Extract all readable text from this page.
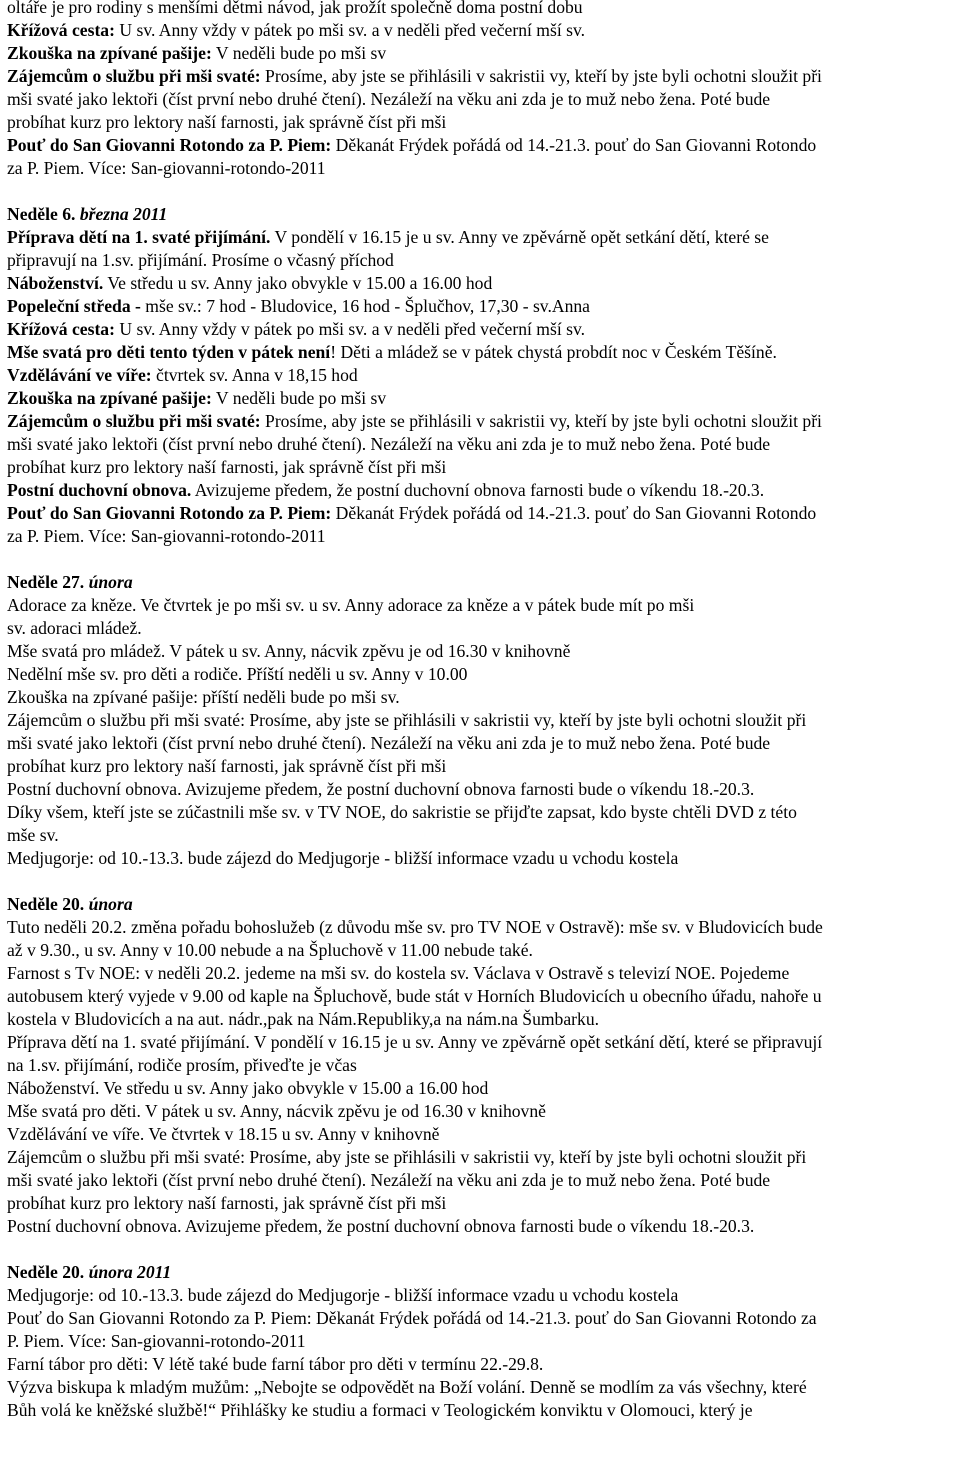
oltáře je pro rodiny s menšími dětmi návod, jak prožít společně doma postní dobu
Křížová cesta: U sv. Anny vždy v pátek po mši sv. a v neděli před večerní mší sv.
Zkouška na zpívané pašije: V neděli bude po mši sv
Zájemcům o službu při mši svaté: Prosíme, aby jste se přihlásili v sakristii vy, kteří by jste byli ochotni sloužit při
mši svaté jako lektoři (číst první nebo druhé čtení). Nezáleží na věku ani zda je to muž nebo žena. Poté bude
probíhat kurz pro lektory naší farnosti, jak správně číst při mši
Pouť do San Giovanni Rotondo za P. Piem: Děkanát Frýdek pořádá od 14.-21.3. pouť do San Giovanni Rotondo
za P. Piem. Více: San-giovanni-rotondo-2011
Neděle 6. března 2011
Příprava dětí na 1. svaté přijímání. V pondělí v 16.15 je u sv. Anny ve zpěvárně opět setkání dětí, které se
připravují na 1.sv. přijímání. Prosíme o včasný příchod
Náboženství. Ve středu u sv. Anny jako obvykle v 15.00 a 16.00 hod
Popeleční středa - mše sv.: 7 hod - Bludovice, 16 hod - Šplučhov, 17,30 - sv.Anna
Křížová cesta: U sv. Anny vždy v pátek po mši sv. a v neděli před večerní mší sv.
Mše svatá pro děti tento týden v pátek není! Děti a mládež se v pátek chystá probdít noc v Českém Těšíně.
Vzdělávání ve víře: čtvrtek sv. Anna v 18,15 hod
Zkouška na zpívané pašije: V neděli bude po mši sv
Zájemcům o službu při mši svaté: Prosíme, aby jste se přihlásili v sakristii vy, kteří by jste byli ochotni sloužit při
mši svaté jako lektoři (číst první nebo druhé čtení). Nezáleží na věku ani zda je to muž nebo žena. Poté bude
probíhat kurz pro lektory naší farnosti, jak správně číst při mši
Postní duchovní obnova. Avizujeme předem, že postní duchovní obnova farnosti bude o víkendu 18.-20.3.
Pouť do San Giovanni Rotondo za P. Piem: Děkanát Frýdek pořádá od 14.-21.3. pouť do San Giovanni Rotondo
za P. Piem. Více: San-giovanni-rotondo-2011
Neděle 27. února
Adorace za kněze. Ve čtvrtek je po mši sv. u sv. Anny adorace za kněze a v pátek bude mít po mši
sv. adoraci mládež.
Mše svatá pro mládež. V pátek u sv. Anny, nácvik zpěvu je od 16.30 v knihovně
Nedělní mše sv. pro děti a rodiče. Příští neděli u sv. Anny v 10.00
Zkouška na zpívané pašije: příští neděli bude po mši sv.
Zájemcům o službu při mši svaté: Prosíme, aby jste se přihlásili v sakristii vy, kteří by jste byli ochotni sloužit při
mši svaté jako lektoři (číst první nebo druhé čtení). Nezáleží na věku ani zda je to muž nebo žena. Poté bude
probíhat kurz pro lektory naší farnosti, jak správně číst při mši
Postní duchovní obnova. Avizujeme předem, že postní duchovní obnova farnosti bude o víkendu 18.-20.3.
Díky všem, kteří jste se zúčastnili mše sv. v TV NOE, do sakristie se přijďte zapsat, kdo byste chtěli DVD z této
mše sv.
Medjugorje: od 10.-13.3. bude zájezd do Medjugorje - bližší informace vzadu u vchodu kostela
Neděle 20. února
Tuto neděli 20.2. změna pořadu bohoslužeb (z důvodu mše sv. pro TV NOE v Ostravě): mše sv. v Bludovicích bude
až v 9.30., u sv. Anny v 10.00 nebude a na Špluchově v 11.00 nebude také.
Farnost s Tv NOE: v neděli 20.2. jedeme na mši sv. do kostela sv. Václava v Ostravě s televizí NOE. Pojedeme
autobusem který vyjede v 9.00 od kaple na Špluchově, bude stát v Horních Bludovicích u obecního úřadu, nahoře u
kostela v Bludovicích a na aut. nádr.,pak na Nám.Republiky,a na nám.na Šumbarku.
Příprava dětí na 1. svaté přijímání. V pondělí v 16.15 je u sv. Anny ve zpěvárně opět setkání dětí, které se připravují
na 1.sv. přijímání, rodiče prosím, přiveďte je včas
Náboženství. Ve středu u sv. Anny jako obvykle v 15.00 a 16.00 hod
Mše svatá pro děti. V pátek u sv. Anny, nácvik zpěvu je od 16.30 v knihovně
Vzdělávání ve víře. Ve čtvrtek v 18.15 u sv. Anny v knihovně
Zájemcům o službu při mši svaté: Prosíme, aby jste se přihlásili v sakristii vy, kteří by jste byli ochotni sloužit při
mši svaté jako lektoři (číst první nebo druhé čtení). Nezáleží na věku ani zda je to muž nebo žena. Poté bude
probíhat kurz pro lektory naší farnosti, jak správně číst při mši
Postní duchovní obnova. Avizujeme předem, že postní duchovní obnova farnosti bude o víkendu 18.-20.3.
Neděle 20. února 2011
Medjugorje: od 10.-13.3. bude zájezd do Medjugorje - bližší informace vzadu u vchodu kostela
Pouť do San Giovanni Rotondo za P. Piem: Děkanát Frýdek pořádá od 14.-21.3. pouť do San Giovanni Rotondo za
P. Piem. Více: San-giovanni-rotondo-2011
Farní tábor pro děti: V létě také bude farní tábor pro děti v termínu 22.-29.8.
Výzva biskupa k mladým mužům: „Nebojte se odpovědět na Boží volání. Denně se modlím za vás všechny, které
Bůh volá ke kněžské službě!“ Přihlášky ke studiu a formaci v Teologickém konviktu v Olomouci, který je
